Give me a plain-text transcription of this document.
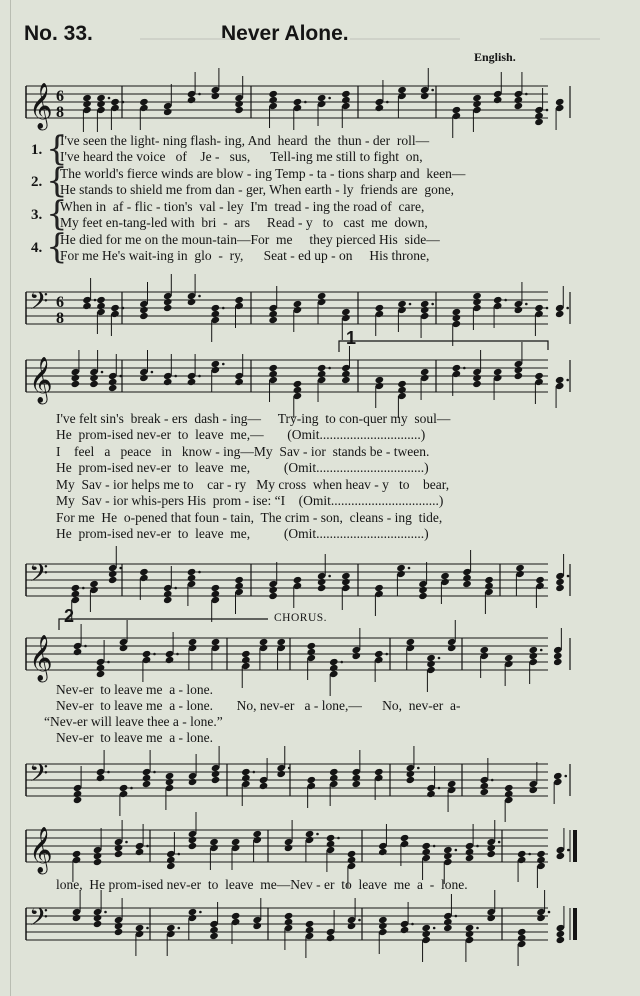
No. 33.	Never Alone.
English.
𝄞 6
8
𝄢 6
8
1. {
I've seen the light- ning flash- ing, And  heard  the  thun - der  roll—
I've heard the voice   of    Je -   sus,      Tell-ing me still to fight  on,
2. {
The world's fierce winds are blow - ing Temp - ta - tions sharp and  keen—
He stands to shield me from dan - ger, When earth - ly  friends are  gone,
3. {
When in  af - flic - tion's  val - ley  I'm  tread - ing the road of  care,
My feet en-tang-led with  bri  -  ars     Read - y   to   cast  me  down,
4. {
He died for me on the moun-tain—For  me     they pierced His  side—
For me He's wait-ing in  glo  -  ry,      Seat - ed up - on     His throne,
𝄞
1
I've felt sin's  break - ers  dash - ing—     Try-ing  to con-quer my  soul—
He  prom-ised nev-er  to  leave  me,—       (Omit..............................)
I    feel   a   peace   in   know - ing—My  Sav - ior  stands be - tween.
He  prom-ised nev-er  to  leave  me,          (Omit................................)
My  Sav - ior helps me to    car - ry   My cross  when heav - y   to    bear,
My  Sav - ior whis-pers His  prom - ise: “I    (Omit................................)
For me  He  o-pened that foun - tain,  The crim - son,  cleans - ing  tide,
He  prom-ised nev-er  to  leave  me,          (Omit................................)
𝄢
2	CHORUS.
𝄞
Nev-er  to leave me  a - lone.
Nev-er  to leave me  a - lone.       No, nev-er   a - lone,—      No,  nev-er  a-
“Nev-er will leave thee a - lone.”
Nev-er  to leave me  a - lone.
𝄢
𝄞
lone,  He prom-ised nev-er  to  leave  me—Nev - er  to  leave  me  a  -  lone.
𝄢
